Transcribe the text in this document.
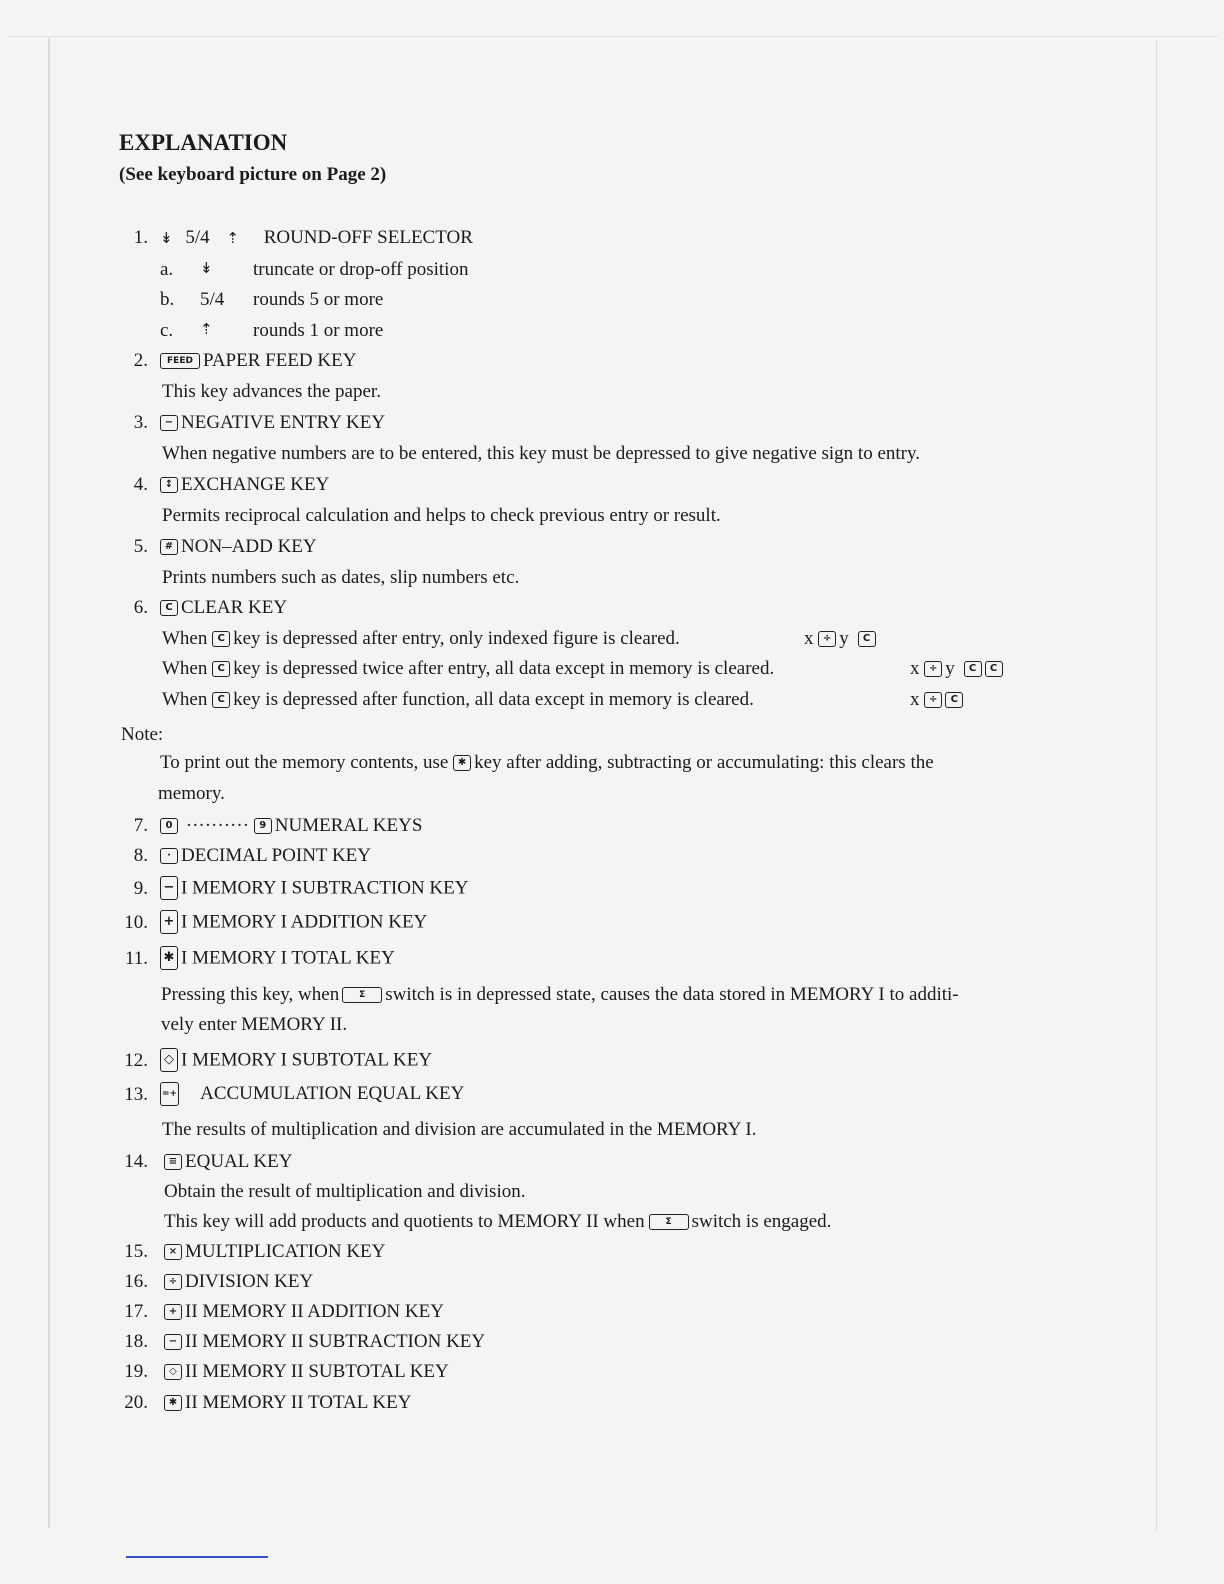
EXPLANATION
(See keyboard picture on Page 2)
1. ↡ 5/4 ⇡ ROUND-OFF SELECTOR
a. ↡ truncate or drop-off position
b. 5/4 rounds 5 or more
c. ⇡ rounds 1 or more
2.	FEED PAPER FEED KEY
This key advances the paper.
3.	− NEGATIVE ENTRY KEY
When negative numbers are to be entered, this key must be depressed to give negative sign to entry.
4.	↕ EXCHANGE KEY
Permits reciprocal calculation and helps to check previous entry or result.
5.	# NON–ADD KEY
Prints numbers such as dates, slip numbers etc.
6.	C CLEAR KEY
When C key is depressed after entry, only indexed figure is cleared.	x ÷ y C
When C key is depressed twice after entry, all data except in memory is cleared.	x ÷ y C C
When C key is depressed after function, all data except in memory is cleared.	x ÷ C
Note:
To print out the memory contents, use ✱ key after adding, subtracting or accumulating: this clears the
memory.
7.	0 ·········· 9 NUMERAL KEYS
8.	· DECIMAL POINT KEY
9. − I MEMORY I SUBTRACTION KEY
10. + I MEMORY I ADDITION KEY
11. ✱ I MEMORY I TOTAL KEY
Pressing this key, when Σ switch is in depressed state, causes the data stored in MEMORY I to additi-
vely enter MEMORY II.
12.	◇ I MEMORY I SUBTOTAL KEY
13. =+ ACCUMULATION EQUAL KEY
The results of multiplication and division are accumulated in the MEMORY I.
14.	≡ EQUAL KEY
Obtain the result of multiplication and division.
This key will add products and quotients to MEMORY II when Σ switch is engaged.
15.	× MULTIPLICATION KEY
16.	÷ DIVISION KEY
17.	+ II MEMORY II ADDITION KEY
18.	− II MEMORY II SUBTRACTION KEY
19.	◇ II MEMORY II SUBTOTAL KEY
20.	✱ II MEMORY II TOTAL KEY
